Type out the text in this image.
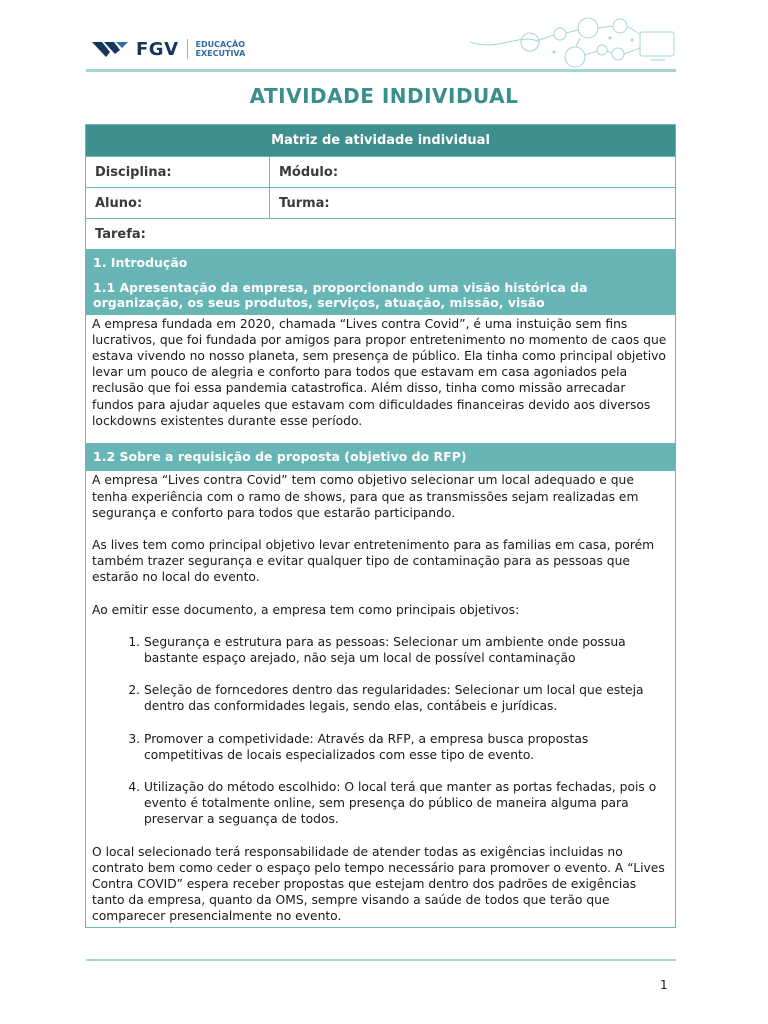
FGV EDUCAÇÃO
EXECUTIVA
ATIVIDADE INDIVIDUAL
Matriz de atividade individual
Disciplina:	Módulo:
Aluno:	Turma:
Tarefa:
1. Introdução
1.1 Apresentação da empresa, proporcionando uma visão histórica da organização, os seus produtos, serviços, atuação, missão, visão

A empresa fundada em 2020, chamada “Lives contra Covid”, é uma instuição sem fins lucrativos, que foi fundada por amigos para propor entretenimento no momento de caos que estava vivendo no nosso planeta, sem presença de público. Ela tinha como principal objetivo levar um pouco de alegria e conforto para todos que estavam em casa agoniados pela reclusão que foi essa pandemia catastrofica. Além disso, tinha como missão arrecadar fundos para ajudar aqueles que estavam com dificuldades financeiras devido aos diversos lockdowns existentes durante esse período.

1.2 Sobre a requisição de proposta (objetivo do RFP)

A empresa “Lives contra Covid” tem como objetivo selecionar um local adequado e que tenha experiência com o ramo de shows, para que as transmissões sejam realizadas em segurança e conforto para todos que estarão participando.

As lives tem como principal objetivo levar entretenimento para as familias em casa, porém também trazer segurança e evitar qualquer tipo de contaminação para as pessoas que estarão no local do evento.

Ao emitir esse documento, a empresa tem como principais objetivos:

1. Segurança e estrutura para as pessoas: Selecionar um ambiente onde possua bastante espaço arejado, não seja um local de possível contaminação
2. Seleção de forncedores dentro das regularidades: Selecionar um local que esteja dentro das conformidades legais, sendo elas, contábeis e jurídicas.
3. Promover a competividade: Através da RFP, a empresa busca propostas competitivas de locais especializados com esse tipo de evento.
4. Utilização do método escolhido: O local terá que manter as portas fechadas, pois o evento é totalmente online, sem presença do público de maneira alguma para preservar a seguança de todos.

O local selecionado terá responsabilidade de atender todas as exigências incluidas no contrato bem como ceder o espaço pelo tempo necessário para promover o evento. A “Lives Contra COVID” espera receber propostas que estejam dentro dos padrões de exigências tanto da empresa, quanto da OMS, sempre visando a saúde de todos que terão que comparecer presencialmente no evento.

1
